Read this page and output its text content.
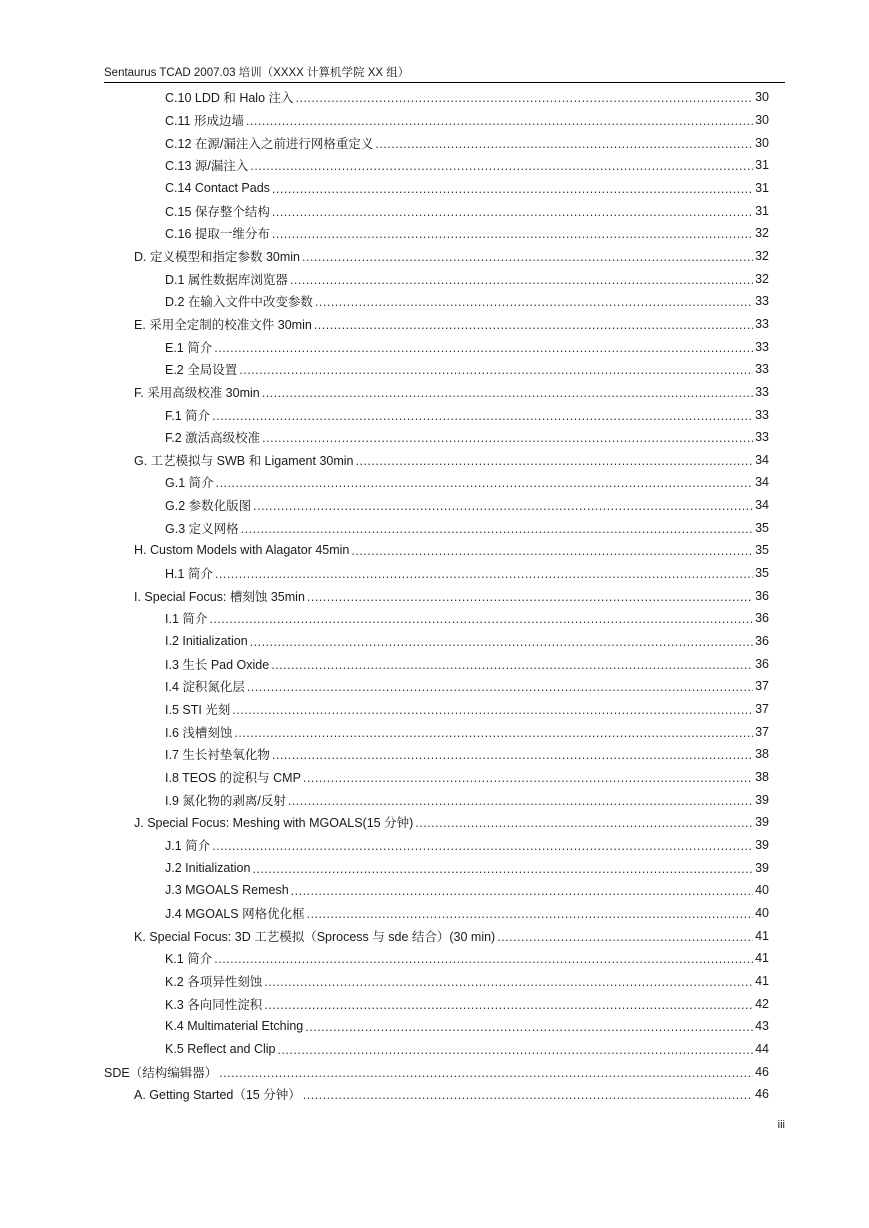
Sentaurus TCAD 2007.03 培训（XXXX 计算机学院 XX 组）
C.10 LDD 和 Halo 注入 .....	30
C.11 形成边墙 .....	30
C.12 在源/漏注入之前进行网格重定义 .....	30
C.13 源/漏注入 .....	31
C.14 Contact Pads .....	31
C.15 保存整个结构 .....	31
C.16 提取一维分布 .....	32
D. 定义模型和指定参数 30min .....	32
D.1 属性数据库浏览器 .....	32
D.2 在输入文件中改变参数 .....	33
E. 采用全定制的校准文件 30min .....	33
E.1 简介 .....	33
E.2 全局设置 .....	33
F. 采用高级校准 30min .....	33
F.1 简介 .....	33
F.2 激活高级校准 .....	33
G. 工艺模拟与 SWB 和 Ligament 30min .....	34
G.1 简介 .....	34
G.2 参数化版图 .....	34
G.3 定义网格 .....	35
H. Custom Models with Alagator 45min .....	35
H.1 简介 .....	35
I. Special Focus: 槽刻蚀 35min .....	36
I.1 简介 .....	36
I.2 Initialization .....	36
I.3 生长 Pad Oxide .....	36
I.4 淀积氮化层 .....	37
I.5 STI 光刻 .....	37
I.6 浅槽刻蚀 .....	37
I.7 生长衬垫氧化物 .....	38
I.8 TEOS 的淀积与 CMP .....	38
I.9 氮化物的剥离/反射 .....	39
J. Special Focus: Meshing with MGOALS(15 分钟) .....	39
J.1 简介 .....	39
J.2 Initialization .....	39
J.3 MGOALS Remesh .....	40
J.4 MGOALS 网格优化框 .....	40
K. Special Focus: 3D 工艺模拟（Sprocess 与 sde 结合）(30 min) .....	41
K.1 简介 .....	41
K.2 各项异性刻蚀 .....	41
K.3 各向同性淀积 .....	42
K.4 Multimaterial Etching .....	43
K.5 Reflect and Clip .....	44
SDE（结构编辑器） .....	46
A. Getting Started（15 分钟） .....	46
iii
